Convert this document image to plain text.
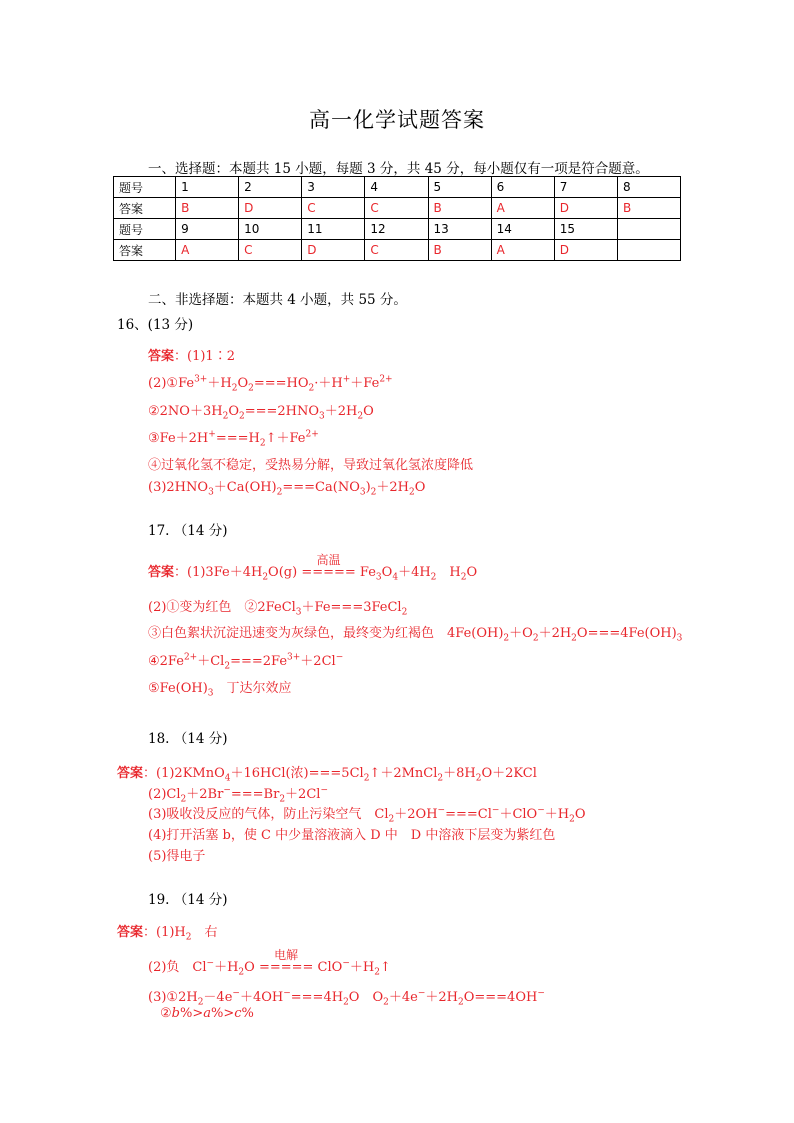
高一化学试题答案
一、选择题：本题共 15 小题，每题 3 分，共 45 分，每小题仅有一项是符合题意。
题号	1	2	3	4	5	6	7	8
答案	B	D	C	C	B	A	D	B
题号	9	10	11	12	13	14	15	
答案	A	C	D	C	B	A	D	
二、非选择题：本题共 4 小题，共 55 分。
16、(13 分)
答案：(1)1∶2
$(2)①Fe^{3+}+H_2O_2===HO_2\cdot+H^++Fe^{2+}$
$②2NO+3H_2O_2===2HNO_3+2H_2O$
$③Fe+2H^+===H_2↑+Fe^{2+}$
④过氧化氢不稳定，受热易分解，导致过氧化氢浓度降低
$(3)2HNO_3+Ca(OH)_2===Ca(NO_3)_2+2H_2O$
17. （14 分)
答案：$(1)3Fe+4H_2O(g)$
高温
===== $Fe_3O_4+4H_2$　$H_2O$
(2)①变为红色　②2FeCl$_3$＋Fe===3FeCl$_2$
③白色絮状沉淀迅速变为灰绿色，最终变为红褐色　$4Fe(OH)_2+O_2+2H_2O===4Fe(OH)_3$
$④2Fe^{2+}+Cl_2===2Fe^{3+}+2Cl^-$
$⑤Fe(OH)_3$　丁达尔效应
18. （14 分)
答案：(1)2KMnO$_4$＋16HCl(浓)$===5Cl_2↑+2MnCl_2+8H_2O+2KCl$
$(2)Cl_2+2Br^-===Br_2+2Cl^-$
(3)吸收没反应的气体，防止污染空气　$Cl_2+2OH^-===Cl^-+ClO^-+H_2O$
(4)打开活塞 b，使 C 中少量溶液滴入 D 中　D 中溶液下层变为紫红色
(5)得电子
19. （14 分)
答案：$(1)H_2$　右
(2)负　$Cl^-+H_2O$
电解
===== $ClO^-+H_2↑$
$(3)①2H_2-4e^-+4OH^-===4H_2O$　$O_2+4e^-+2H_2O===4OH^-$
②b%>a%>c%
